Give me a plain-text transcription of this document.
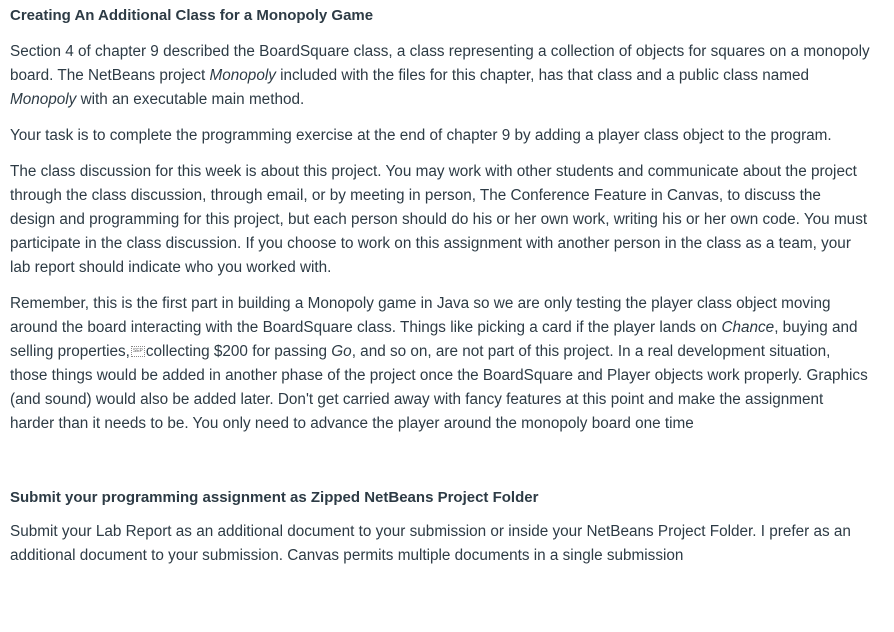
Creating An Additional Class for a Monopoly Game

Section 4 of chapter 9 described the BoardSquare class, a class representing a collection of objects for squares on a monopoly board. The NetBeans project Monopoly included with the files for this chapter, has that class and a public class named Monopoly with an executable main method.

Your task is to complete the programming exercise at the end of chapter 9 by adding a player class object to the program.

The class discussion for this week is about this project. You may work with other students and communicate about the project through the class discussion, through email, or by meeting in person, The Conference Feature in Canvas, to discuss the design and programming for this project, but each person should do his or her own work, writing his or her own code. You must participate in the class discussion. If you choose to work on this assignment with another person in the class as a team, your lab report should indicate who you worked with.

Remember, this is the first part in building a Monopoly game in Java so we are only testing the player class object moving around the board interacting with the BoardSquare class. Things like picking a card if the player lands on Chance, buying and selling properties, SEP collecting $200 for passing Go, and so on, are not part of this project. In a real development situation, those things would be added in another phase of the project once the BoardSquare and Player objects work properly. Graphics (and sound) would also be added later. Don't get carried away with fancy features at this point and make the assignment harder than it needs to be. You only need to advance the player around the monopoly board one time

Submit your programming assignment as Zipped NetBeans Project Folder

Submit your Lab Report as an additional document to your submission or inside your NetBeans Project Folder. I prefer as an additional document to your submission. Canvas permits multiple documents in a single submission
